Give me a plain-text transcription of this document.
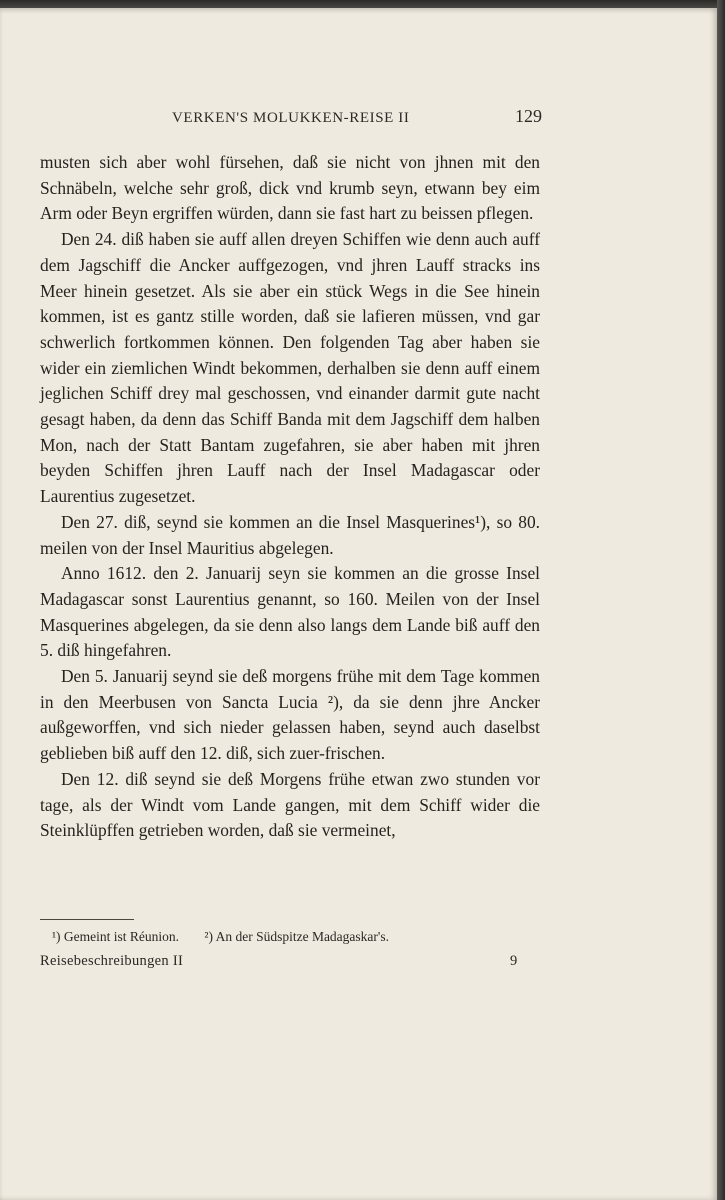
VERKEN'S MOLUKKEN-REISE II	129

musten sich aber wohl fürsehen, daß sie nicht von jhnen mit den Schnäbeln, welche sehr groß, dick vnd krumb seyn, etwann bey eim Arm oder Beyn ergriffen würden, dann sie fast hart zu beissen pflegen.

Den 24. diß haben sie auff allen dreyen Schiffen wie denn auch auff dem Jagschiff die Ancker auffgezogen, vnd jhren Lauff stracks ins Meer hinein gesetzet. Als sie aber ein stück Wegs in die See hinein kommen, ist es gantz stille worden, daß sie lafieren müssen, vnd gar schwerlich fortkommen können. Den folgenden Tag aber haben sie wider ein ziemlichen Windt bekommen, derhalben sie denn auff einem jeglichen Schiff drey mal geschossen, vnd einander darmit gute nacht gesagt haben, da denn das Schiff Banda mit dem Jagschiff dem halben Mon, nach der Statt Bantam zugefahren, sie aber haben mit jhren beyden Schiffen jhren Lauff nach der Insel Madagascar oder Laurentius zugesetzet.

Den 27. diß, seynd sie kommen an die Insel Masquerines¹), so 80. meilen von der Insel Mauritius abgelegen.

Anno 1612. den 2. Januarij seyn sie kommen an die grosse Insel Madagascar sonst Laurentius genannt, so 160. Meilen von der Insel Masquerines abgelegen, da sie denn also langs dem Lande biß auff den 5. diß hingefahren.

Den 5. Januarij seynd sie deß morgens frühe mit dem Tage kommen in den Meerbusen von Sancta Lucia ²), da sie denn jhre Ancker außgeworffen, vnd sich nieder gelassen haben, seynd auch daselbst geblieben biß auff den 12. diß, sich zuer-frischen.

Den 12. diß seynd sie deß Morgens frühe etwan zwo stunden vor tage, als der Windt vom Lande gangen, mit dem Schiff wider die Steinklüpffen getrieben worden, daß sie vermeinet,

¹) Gemeint ist Réunion. ²) An der Südspitze Madagaskar's.
Reisebeschreibungen II	9
